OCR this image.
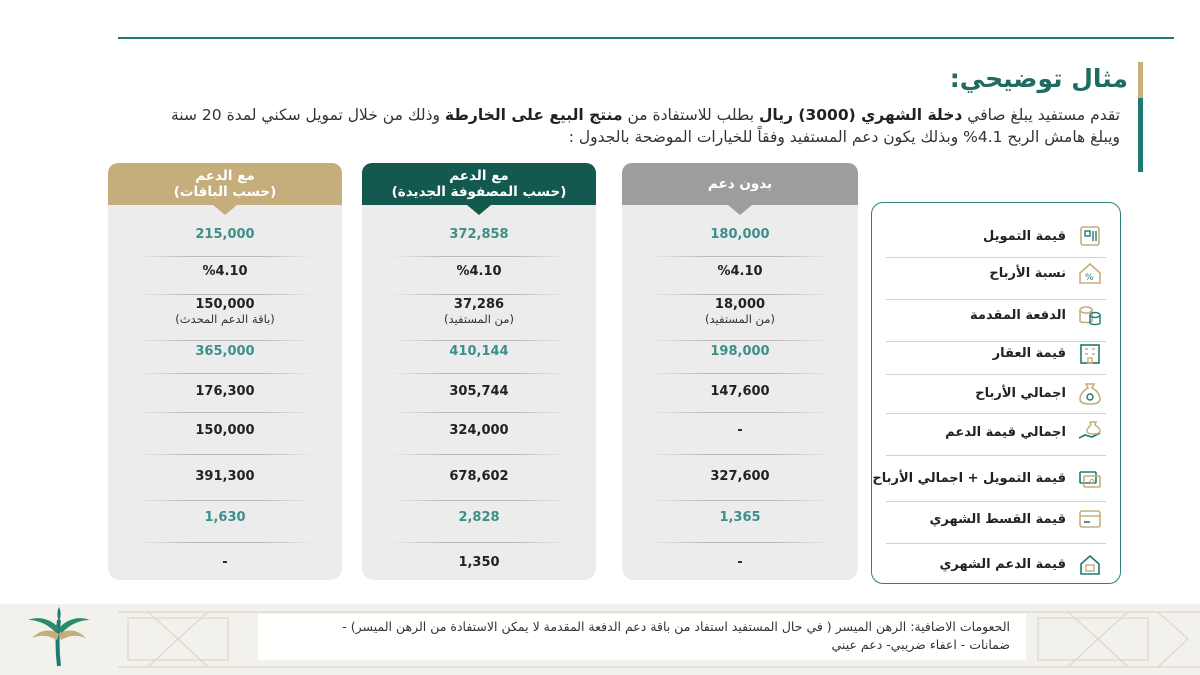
مثال توضيحي:

تقدم مستفيد يبلغ صافي دخلة الشهري (3000) ريال بطلب للاستفادة من منتج البيع على الخارطة وذلك من خلال تمويل سكني لمدة 20 سنة

ويبلغ هامش الربح 4.1% وبذلك يكون دعم المستفيد وفقاً للخيارات الموضحة بالجدول :

مع الدعم
(حسب الباقات)
215,000
%4.10
150,000
(باقة الدعم المحدث)
365,000
176,300
150,000
391,300
1,630
-
مع الدعم
(حسب المصفوفة الجديدة)
372,858
%4.10
37,286
(من المستفيد)
410,144
305,744
324,000
678,602
2,828
1,350
بدون دعم
180,000
%4.10
18,000
(من المستفيد)
198,000
147,600
-
327,600
1,365
-
قيمة التمويل
نسبة الأرباح %
الدفعة المقدمة
قيمة العقار
اجمالي الأرباح
اجمالي قيمة الدعم
قيمة التمويل + اجمالي الأرباح
قيمة القسط الشهري
قيمة الدعم الشهري
الحعومات الاضافية: الرهن الميسر ( في حال المستفيد استفاد من باقة دعم الدفعة المقدمة لا يمكن الاستفادة من الرهن الميسر) -
ضمانات - اعفاء ضريبي- دعم عيني
